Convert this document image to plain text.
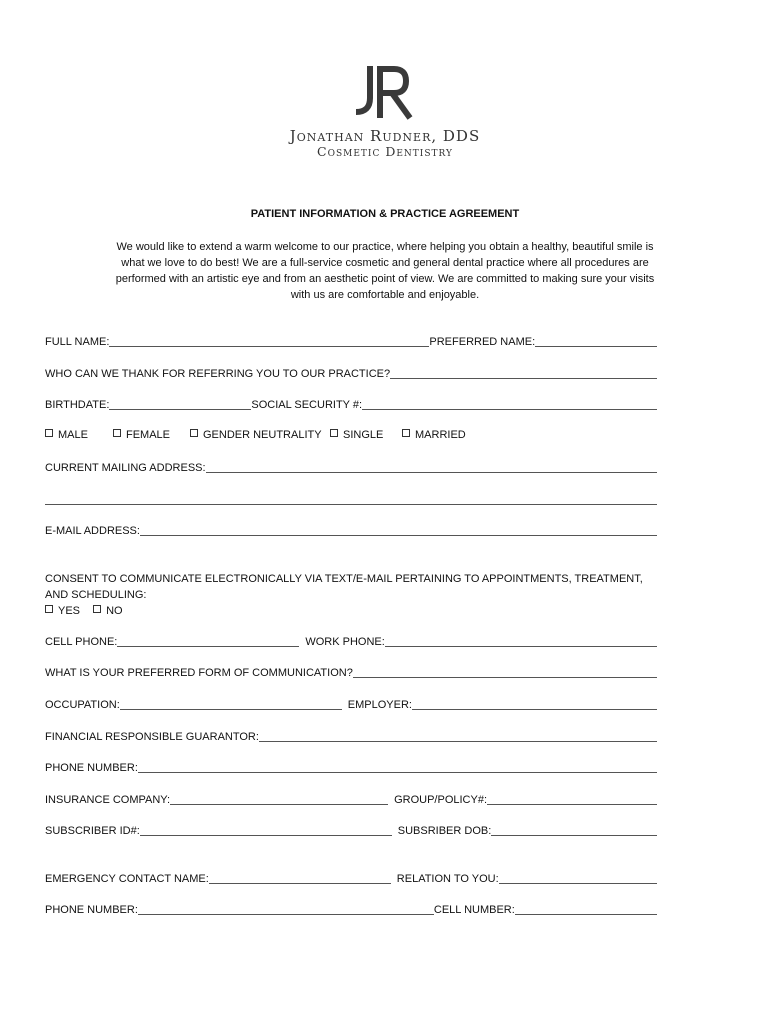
Jonathan Rudner, DDS
Cosmetic Dentistry
PATIENT INFORMATION & PRACTICE AGREEMENT
We would like to extend a warm welcome to our practice, where helping you obtain a healthy, beautiful smile is what we love to do best! We are a full-service cosmetic and general dental practice where all procedures are performed with an artistic eye and from an aesthetic point of view. We are committed to making sure your visits with us are comfortable and enjoyable.
FULL NAME:	PREFERRED NAME:
WHO CAN WE THANK FOR REFERRING YOU TO OUR PRACTICE?
BIRTHDATE:	SOCIAL SECURITY #:
MALE	FEMALE	GENDER NEUTRALITY	SINGLE	MARRIED
CURRENT MAILING ADDRESS:
E-MAIL ADDRESS:
CONSENT TO COMMUNICATE ELECTRONICALLY VIA TEXT/E-MAIL PERTAINING TO APPOINTMENTS, TREATMENT, AND SCHEDULING:
YES NO
CELL PHONE:	WORK PHONE:
WHAT IS YOUR PREFERRED FORM OF COMMUNICATION?
OCCUPATION:	EMPLOYER:
FINANCIAL RESPONSIBLE GUARANTOR:
PHONE NUMBER:
INSURANCE COMPANY:	GROUP/POLICY#:
SUBSCRIBER ID#:	SUBSRIBER DOB:
EMERGENCY CONTACT NAME:	RELATION TO YOU:
PHONE NUMBER:	CELL NUMBER:
